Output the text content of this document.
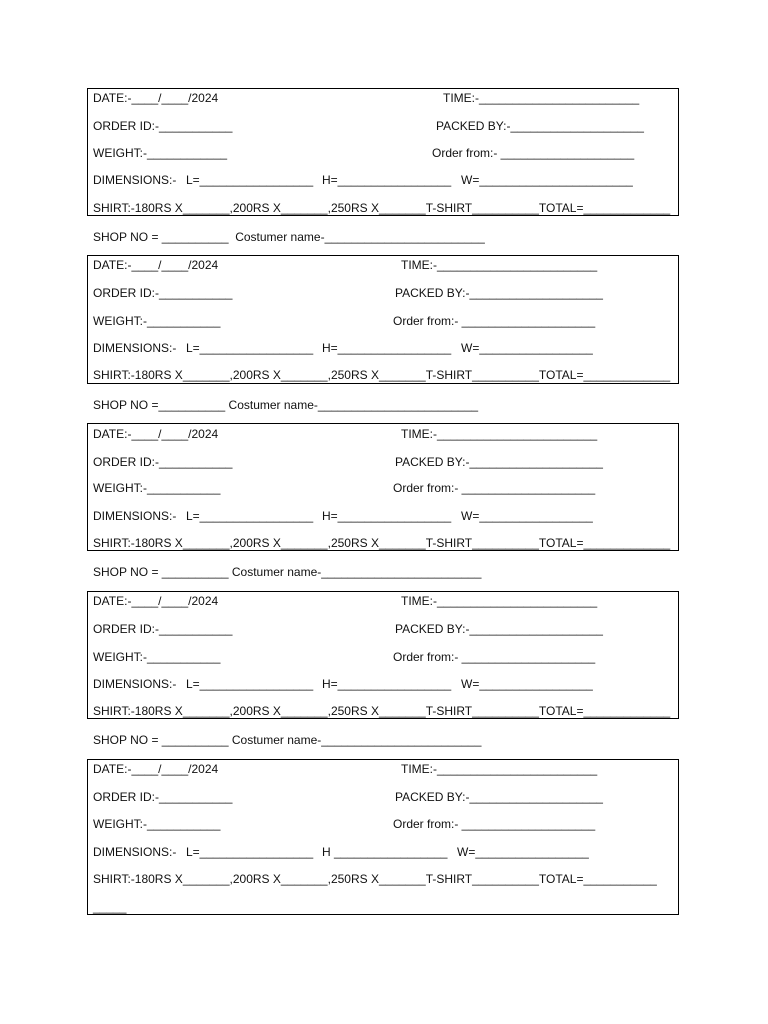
DATE:-____/____/2024	TIME:-________________________
ORDER ID:-___________	PACKED BY:-____________________
WEIGHT:-____________	Order from:- ____________________
DIMENSIONS:- L=_________________ H=_________________ W=_______________________
SHIRT:-180RS X_______,200RS X_______,250RS X_______T-SHIRT__________TOTAL=_____________
SHOP NO = __________  Costumer name-________________________
DATE:-____/____/2024	TIME:-________________________
ORDER ID:-___________	PACKED BY:-____________________
WEIGHT:-___________	Order from:- ____________________
DIMENSIONS:- L=_________________ H=_________________ W=_________________
SHIRT:-180RS X_______,200RS X_______,250RS X_______T-SHIRT__________TOTAL=_____________
SHOP NO =__________ Costumer name-________________________
DATE:-____/____/2024	TIME:-________________________
ORDER ID:-___________	PACKED BY:-____________________
WEIGHT:-___________	Order from:- ____________________
DIMENSIONS:- L=_________________ H=_________________ W=_________________
SHIRT:-180RS X_______,200RS X_______,250RS X_______T-SHIRT__________TOTAL=_____________
SHOP NO = __________ Costumer name-________________________
DATE:-____/____/2024	TIME:-________________________
ORDER ID:-___________	PACKED BY:-____________________
WEIGHT:-___________	Order from:- ____________________
DIMENSIONS:- L=_________________ H=_________________ W=_________________
SHIRT:-180RS X_______,200RS X_______,250RS X_______T-SHIRT__________TOTAL=_____________
SHOP NO = __________ Costumer name-________________________
DATE:-____/____/2024	TIME:-________________________
ORDER ID:-___________	PACKED BY:-____________________
WEIGHT:-___________	Order from:- ____________________
DIMENSIONS:- L=_________________ H _________________ W=_________________
SHIRT:-180RS X_______,200RS X_______,250RS X_______T-SHIRT__________TOTAL=___________
_____
